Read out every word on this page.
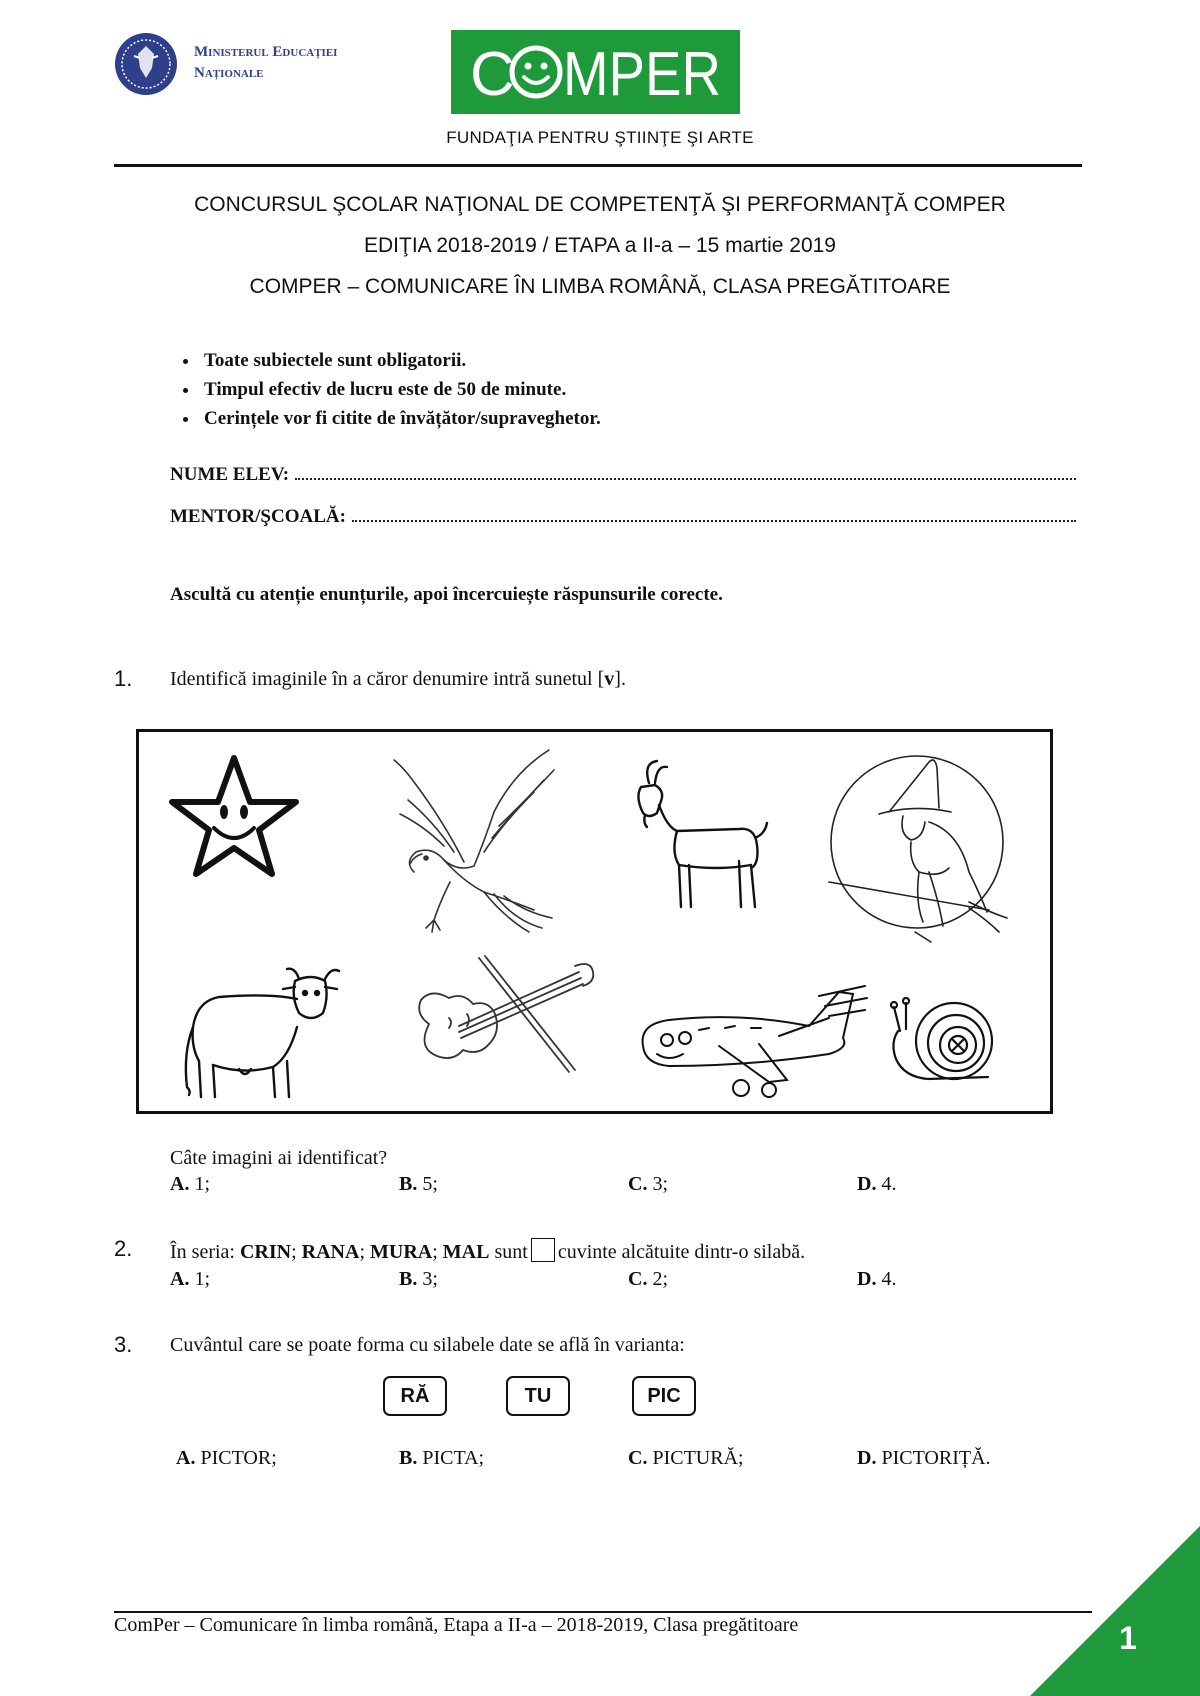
Ministerul Educației Naționale	C MPER
FUNDAŢIA PENTRU ŞTIINŢE ŞI ARTE
CONCURSUL ŞCOLAR NAŢIONAL DE COMPETENŢĂ ŞI PERFORMANŢĂ COMPER
EDIŢIA 2018-2019 / ETAPA a II-a – 15 martie 2019
COMPER – COMUNICARE ÎN LIMBA ROMÂNĂ, CLASA PREGĂTITOARE
• Toate subiectele sunt obligatorii.
• Timpul efectiv de lucru este de 50 de minute.
• Cerințele vor fi citite de învățător/supraveghetor.
NUME ELEV:
MENTOR/ŞCOALĂ:
Ascultă cu atenție enunțurile, apoi încercuiește răspunsurile corecte.
1. Identifică imaginile în a căror denumire intră sunetul [v].
Câte imagini ai identificat?
A. 1;	B. 5;	C. 3;	D. 4.
2. În seria: CRIN; RANA; MURA; MAL sunt cuvinte alcătuite dintr-o silabă.
A. 1;	B. 3;	C. 2;	D. 4.
3. Cuvântul care se poate forma cu silabele date se află în varianta:
RĂ	TU	PIC
A. PICTOR;	B. PICTA;	C. PICTURĂ;	D. PICTORIȚĂ.
ComPer – Comunicare în limba română, Etapa a II-a – 2018-2019, Clasa pregătitoare	1
